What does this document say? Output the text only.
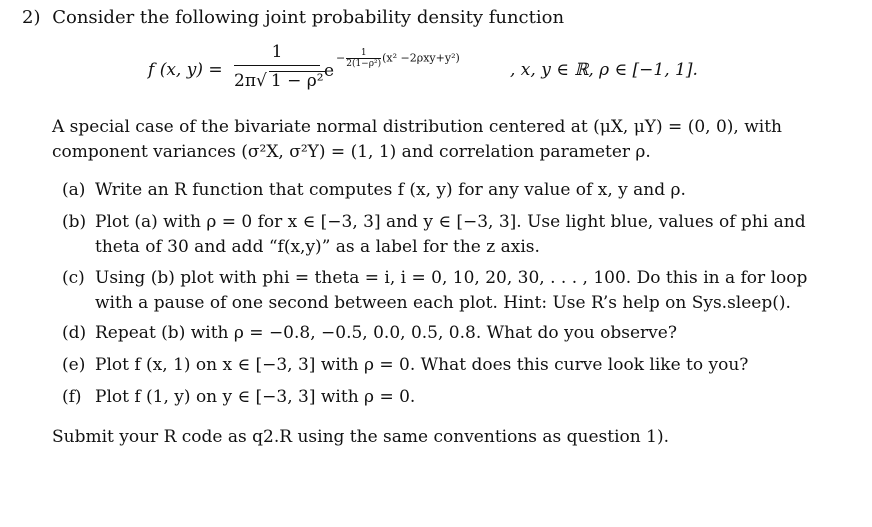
2) Consider the following joint probability density function
f (x, y) =
1
2π√ 1 − ρ² e
− $\frac{1}{\text{2(1−ρ²)}} (x^2 -2\rho xy+y^2)$
, x, y ∈ ℝ, ρ ∈ [−1, 1].
A special case of the bivariate normal distribution centered at (μX, μY) = (0, 0), with component variances (σ²X, σ²Y) = (1, 1) and correlation parameter ρ.
(a) Write an R function that computes f (x, y) for any value of x, y and ρ.
(b) Plot (a) with ρ = 0 for x ∈ [−3, 3] and y ∈ [−3, 3]. Use light blue, values of phi and theta of 30 and add “f(x,y)” as a label for the z axis.
(c) Using (b) plot with phi = theta = i, i = 0, 10, 20, 30, . . . , 100. Do this in a for loop with a pause of one second between each plot. Hint: Use R’s help on Sys.sleep().
(d) Repeat (b) with ρ = −0.8, −0.5, 0.0, 0.5, 0.8. What do you observe?
(e) Plot f (x, 1) on x ∈ [−3, 3] with ρ = 0. What does this curve look like to you?
(f) Plot f (1, y) on y ∈ [−3, 3] with ρ = 0.
Submit your R code as q2.R using the same conventions as question 1).
